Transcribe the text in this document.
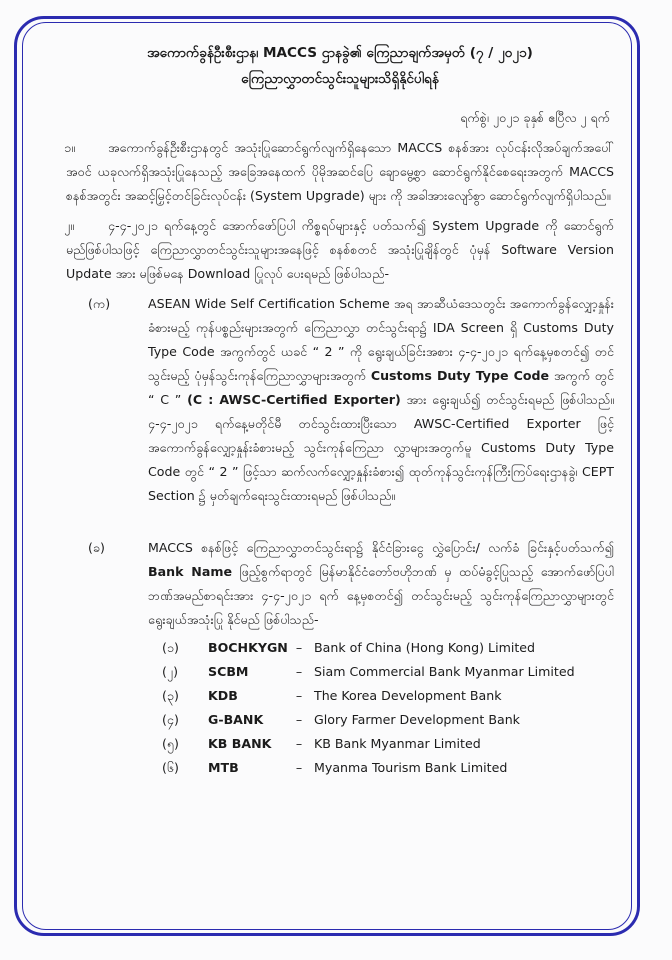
အကောက်ခွန်ဦးစီးဌာန၊ MACCS ဌာနခွဲ၏ ကြေညာချက်အမှတ် (၇ / ၂၀၂၁)
ကြေညာလွှာတင်သွင်းသူများသိရှိနိုင်ပါရန်
ရက်စွဲ၊ ၂၀၂၁ ခုနှစ် ဧပြီလ ၂ ရက်
၁။	အကောက်ခွန်ဦးစီးဌာနတွင် အသုံးပြုဆောင်ရွက်လျက်ရှိနေသော MACCS စနစ်အား လုပ်ငန်းလိုအပ်ချက်အပေါ်အဝင် ယခုလက်ရှိအသုံးပြုနေသည့် အခြေအနေထက် ပိုမိုအဆင်ပြေ ချောမွေ့စွာ ဆောင်ရွက်နိုင်စေရေးအတွက် MACCS စနစ်အတွင်း အဆင့်မြှင့်တင်ခြင်းလုပ်ငန်း (System Upgrade) များ ကို အခါအားလျော်စွာ ဆောင်ရွက်လျက်ရှိပါသည်။
၂။	၄-၄-၂၀၂၁ ရက်နေ့တွင် အောက်ဖော်ပြပါ ကိစ္စရပ်များနှင့် ပတ်သက်၍ System Upgrade ကို ဆောင်ရွက်မည်ဖြစ်ပါသဖြင့် ကြေညာလွှာတင်သွင်းသူများအနေဖြင့် စနစ်စတင် အသုံးပြုချိန်တွင် ပုံမှန် Software Version Update အား မဖြစ်မနေ Download ပြုလုပ် ပေးရမည် ဖြစ်ပါသည်-
(က)	ASEAN Wide Self Certification Scheme အရ အာဆီယံဒေသတွင်း အကောက်ခွန်လျှော့နှုန်းခံစားမည့် ကုန်ပစ္စည်းများအတွက် ကြေညာလွှာ တင်သွင်းရာ၌ IDA Screen ရှိ Customs Duty Type Code အကွက်တွင် ယခင် “ 2 ” ကို ရွေးချယ်ခြင်းအစား ၄-၄-၂၀၂၁ ရက်နေ့မှစတင်၍ တင်သွင်းမည့် ပုံမှန်သွင်းကုန်ကြေညာလွှာများအတွက် Customs Duty Type Code အကွက် တွင် “ C ” (C : AWSC-Certified Exporter) အား ရွေးချယ်၍ တင်သွင်းရမည် ဖြစ်ပါသည်။ ၄-၄-၂၀၂၁ ရက်နေ့မတိုင်မီ တင်သွင်းထားပြီးသော AWSC-Certified Exporter ဖြင့် အကောက်ခွန်လျှော့နှုန်းခံစားမည့် သွင်းကုန်ကြေညာ လွှာများအတွက်မူ Customs Duty Type Code တွင် “ 2 ” ဖြင့်သာ ဆက်လက်လျှော့နှုန်းခံစား၍ ထုတ်ကုန်သွင်းကုန်ကြီးကြပ်ရေးဌာနခွဲ၊ CEPT Section ၌ မှတ်ချက်ရေးသွင်းထားရမည် ဖြစ်ပါသည်။
(ခ)	MACCS စနစ်ဖြင့် ကြေညာလွှာတင်သွင်းရာ၌ နိုင်ငံခြားငွေ လွှဲပြောင်း/ လက်ခံ ခြင်းနှင့်ပတ်သက်၍ Bank Name ဖြည့်စွက်ရာတွင် မြန်မာနိုင်ငံတော်ဗဟိုဘဏ် မှ ထပ်မံခွင့်ပြုသည့် အောက်ဖော်ပြပါ ဘဏ်အမည်စာရင်းအား ၄-၄-၂၀၂၁ ရက် နေ့မှစတင်၍ တင်သွင်းမည့် သွင်းကုန်ကြေညာလွှာများတွင် ရွေးချယ်အသုံးပြု နိုင်မည် ဖြစ်ပါသည်-
(၁)	BOCHKYGN – Bank of China (Hong Kong) Limited
(၂)	SCBM	– Siam Commercial Bank Myanmar Limited
(၃)	KDB	– The Korea Development Bank
(၄)	G-BANK	– Glory Farmer Development Bank
(၅)	KB BANK	– KB Bank Myanmar Limited
(၆)	MTB	– Myanma Tourism Bank Limited
